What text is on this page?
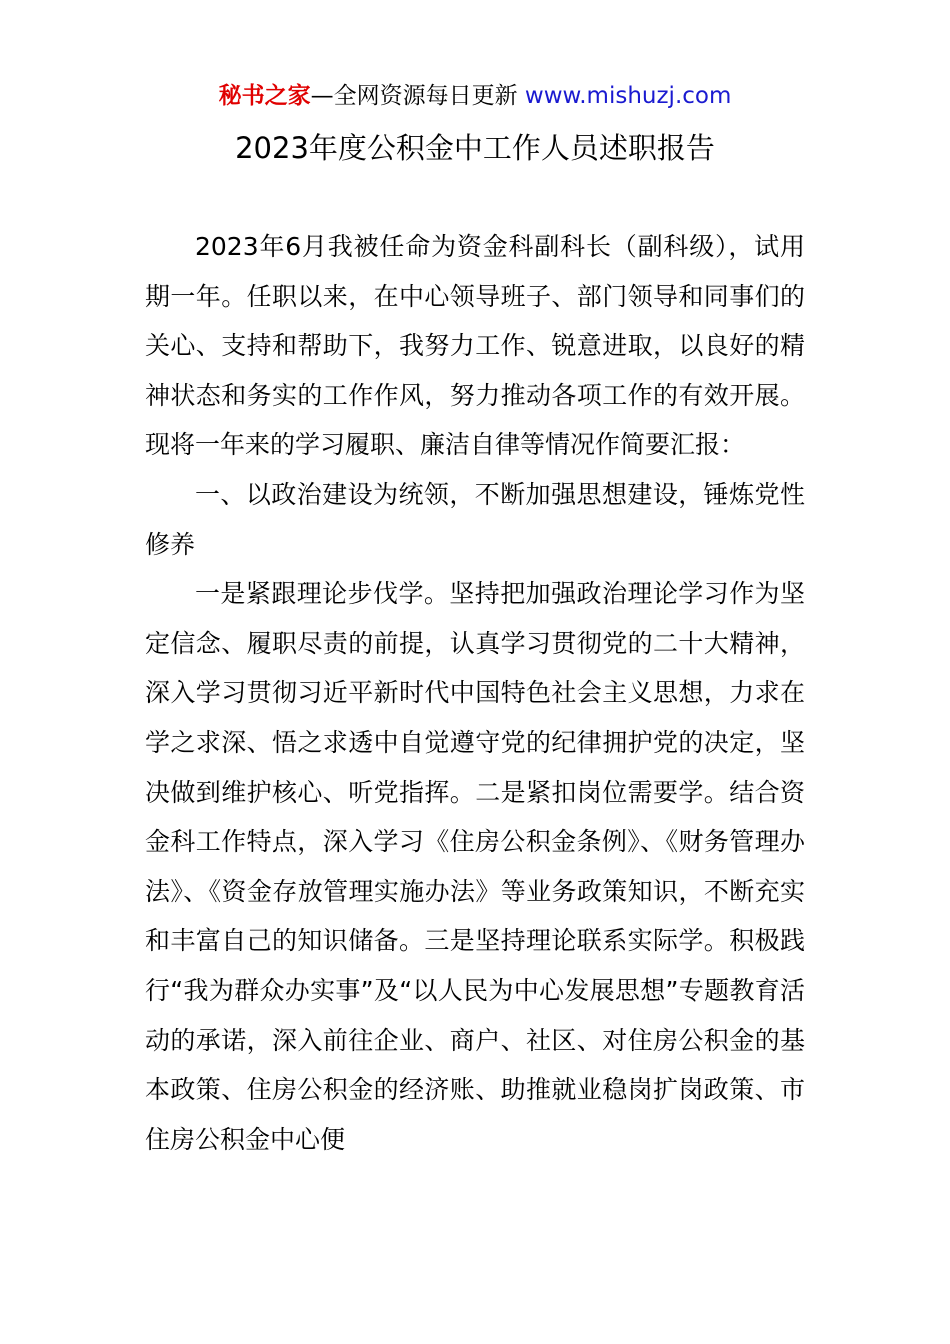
秘书之家—全网资源每日更新 www.mishuzj.com
2023年度公积金中工作人员述职报告

2023年6月我被任命为资金科副科长（副科级），试用期一年。任职以来，在中心领导班子、部门领导和同事们的关心、支持和帮助下，我努力工作、锐意进取，以良好的精神状态和务实的工作作风，努力推动各项工作的有效开展。现将一年来的学习履职、廉洁自律等情况作简要汇报：

一、以政治建设为统领，不断加强思想建设，锤炼党性修养

一是紧跟理论步伐学。坚持把加强政治理论学习作为坚定信念、履职尽责的前提，认真学习贯彻党的二十大精神，深入学习贯彻习近平新时代中国特色社会主义思想，力求在学之求深、悟之求透中自觉遵守党的纪律拥护党的决定，坚决做到维护核心、听党指挥。二是紧扣岗位需要学。结合资金科工作特点，深入学习《住房公积金条例》、《财务管理办法》、《资金存放管理实施办法》等业务政策知识，不断充实和丰富自己的知识储备。三是坚持理论联系实际学。积极践行“我为群众办实事”及“以人民为中心发展思想”专题教育活动的承诺，深入前往企业、商户、社区、对住房公积金的基本政策、住房公积金的经济账、助推就业稳岗扩岗政策、市住房公积金中心便
